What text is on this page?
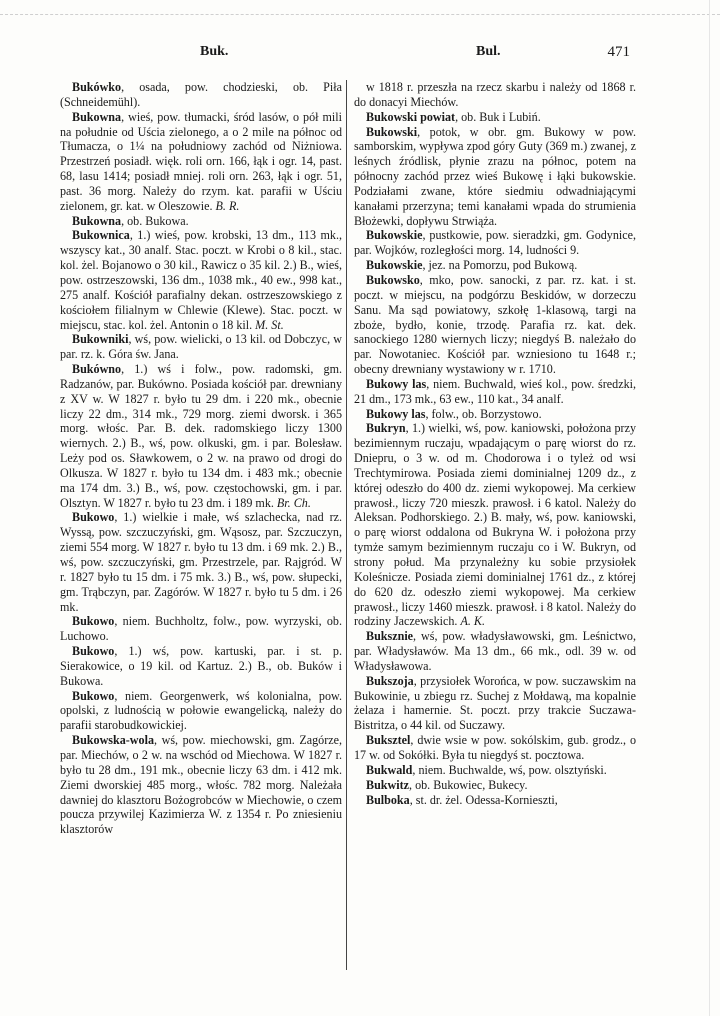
Buk.	Bul.	471

Bukówko, osada, pow. chodzieski, ob. Piła (Schneidemühl).

Bukowna, wieś, pow. tłumacki, śród lasów, o pół mili na południe od Uścia zielonego, a o 2 mile na północ od Tłumacza, o 1¼ na południowy zachód od Niżniowa. Przestrzeń posiadł. więk. roli orn. 166, łąk i ogr. 14, past. 68, lasu 1414; posiadł mniej. roli orn. 263, łąk i ogr. 51, past. 36 morg. Należy do rzym. kat. parafii w Uściu zielonem, gr. kat. w Oleszowie. B. R.

Bukowna, ob. Bukowa.

Bukownica, 1.) wieś, pow. krobski, 13 dm., 113 mk., wszyscy kat., 30 analf. Stac. poczt. w Krobi o 8 kil., stac. kol. żel. Bojanowo o 30 kil., Rawicz o 35 kil. 2.) B., wieś, pow. ostrzeszowski, 136 dm., 1038 mk., 40 ew., 998 kat., 275 analf. Kościół parafialny dekan. ostrzeszowskiego z kościołem filialnym w Chlewie (Klewe). Stac. poczt. w miejscu, stac. kol. żel. Antonin o 18 kil. M. St.

Bukowniki, wś, pow. wielicki, o 13 kil. od Dobczyc, w par. rz. k. Góra św. Jana.

Bukówno, 1.) wś i folw., pow. radomski, gm. Radzanów, par. Bukówno. Posiada kościół par. drewniany z XV w. W 1827 r. było tu 29 dm. i 220 mk., obecnie liczy 22 dm., 314 mk., 729 morg. ziemi dworsk. i 365 morg. włośc. Par. B. dek. radomskiego liczy 1300 wiernych. 2.) B., wś, pow. olkuski, gm. i par. Bolesław. Leży pod os. Sławkowem, o 2 w. na prawo od drogi do Olkusza. W 1827 r. było tu 134 dm. i 483 mk.; obecnie ma 174 dm. 3.) B., wś, pow. częstochowski, gm. i par. Olsztyn. W 1827 r. było tu 23 dm. i 189 mk. Br. Ch.

Bukowo, 1.) wielkie i małe, wś szlachecka, nad rz. Wyssą, pow. szczuczyński, gm. Wąsosz, par. Szczuczyn, ziemi 554 morg. W 1827 r. było tu 13 dm. i 69 mk. 2.) B., wś, pow. szczuczyński, gm. Przestrzele, par. Rajgród. W r. 1827 było tu 15 dm. i 75 mk. 3.) B., wś, pow. słupecki, gm. Trąbczyn, par. Zagórów. W 1827 r. było tu 5 dm. i 26 mk.

Bukowo, niem. Buchholtz, folw., pow. wyrzyski, ob. Luchowo.

Bukowo, 1.) wś, pow. kartuski, par. i st. p. Sierakowice, o 19 kil. od Kartuz. 2.) B., ob. Buków i Bukowa.

Bukowo, niem. Georgenwerk, wś kolonialna, pow. opolski, z ludnością w połowie ewangelicką, należy do parafii starobudkowickiej.

Bukowska-wola, wś, pow. miechowski, gm. Zagórze, par. Miechów, o 2 w. na wschód od Miechowa. W 1827 r. było tu 28 dm., 191 mk., obecnie liczy 63 dm. i 412 mk. Ziemi dworskiej 485 morg., włośc. 782 morg. Należała dawniej do klasztoru Bożogrobców w Miechowie, o czem poucza przywilej Kazimierza W. z 1354 r. Po zniesieniu klasztorów

w 1818 r. przeszła na rzecz skarbu i należy od 1868 r. do donacyi Miechów.

Bukowski powiat, ob. Buk i Lubiń.

Bukowski, potok, w obr. gm. Bukowy w pow. samborskim, wypływa zpod góry Guty (369 m.) zwanej, z leśnych źródlisk, płynie zrazu na północ, potem na północny zachód przez wieś Bukowę i łąki bukowskie. Podziałami zwane, które siedmiu odwadniającymi kanałami przerzyna; temi kanałami wpada do strumienia Błożewki, dopływu Strwiąża.

Bukowskie, pustkowie, pow. sieradzki, gm. Godynice, par. Wojków, rozległości morg. 14, ludności 9.

Bukowskie, jez. na Pomorzu, pod Bukową.

Bukowsko, mko, pow. sanocki, z par. rz. kat. i st. poczt. w miejscu, na podgórzu Beskidów, w dorzeczu Sanu. Ma sąd powiatowy, szkołę 1-klasową, targi na zboże, bydło, konie, trzodę. Parafia rz. kat. dek. sanockiego 1280 wiernych liczy; niegdyś B. należało do par. Nowotaniec. Kościół par. wzniesiono tu 1648 r.; obecny drewniany wystawiony w r. 1710.

Bukowy las, niem. Buchwald, wieś kol., pow. średzki, 21 dm., 173 mk., 63 ew., 110 kat., 34 analf.

Bukowy las, folw., ob. Borzystowo.

Bukryn, 1.) wielki, wś, pow. kaniowski, położona przy bezimiennym ruczaju, wpadającym o parę wiorst do rz. Dniepru, o 3 w. od m. Chodorowa i o tyleż od wsi Trechtymirowa. Posiada ziemi dominialnej 1209 dz., z której odeszło do 400 dz. ziemi wykopowej. Ma cerkiew prawosł., liczy 720 mieszk. prawosł. i 6 katol. Należy do Aleksan. Podhorskiego. 2.) B. mały, wś, pow. kaniowski, o parę wiorst oddalona od Bukryna W. i położona przy tymże samym bezimiennym ruczaju co i W. Bukryn, od strony połud. Ma przynależny ku sobie przysiołek Koleśnicze. Posiada ziemi dominialnej 1761 dz., z której do 620 dz. odeszło ziemi wykopowej. Ma cerkiew prawosł., liczy 1460 mieszk. prawosł. i 8 katol. Należy do rodziny Jaczewskich. A. K.

Buksznie, wś, pow. władysławowski, gm. Leśnictwo, par. Władysławów. Ma 13 dm., 66 mk., odl. 39 w. od Władysławowa.

Bukszoja, przysiołek Worońca, w pow. suczawskim na Bukowinie, u zbiegu rz. Suchej z Mołdawą, ma kopalnie żelaza i hamernie. St. poczt. przy trakcie Suczawa-Bistritza, o 44 kil. od Suczawy.

Buksztel, dwie wsie w pow. sokólskim, gub. grodz., o 17 w. od Sokółki. Była tu niegdyś st. pocztowa.

Bukwald, niem. Buchwalde, wś, pow. olsztyński.

Bukwitz, ob. Bukowiec, Bukecy.

Bulboka, st. dr. żel. Odessa-Kornieszti,
